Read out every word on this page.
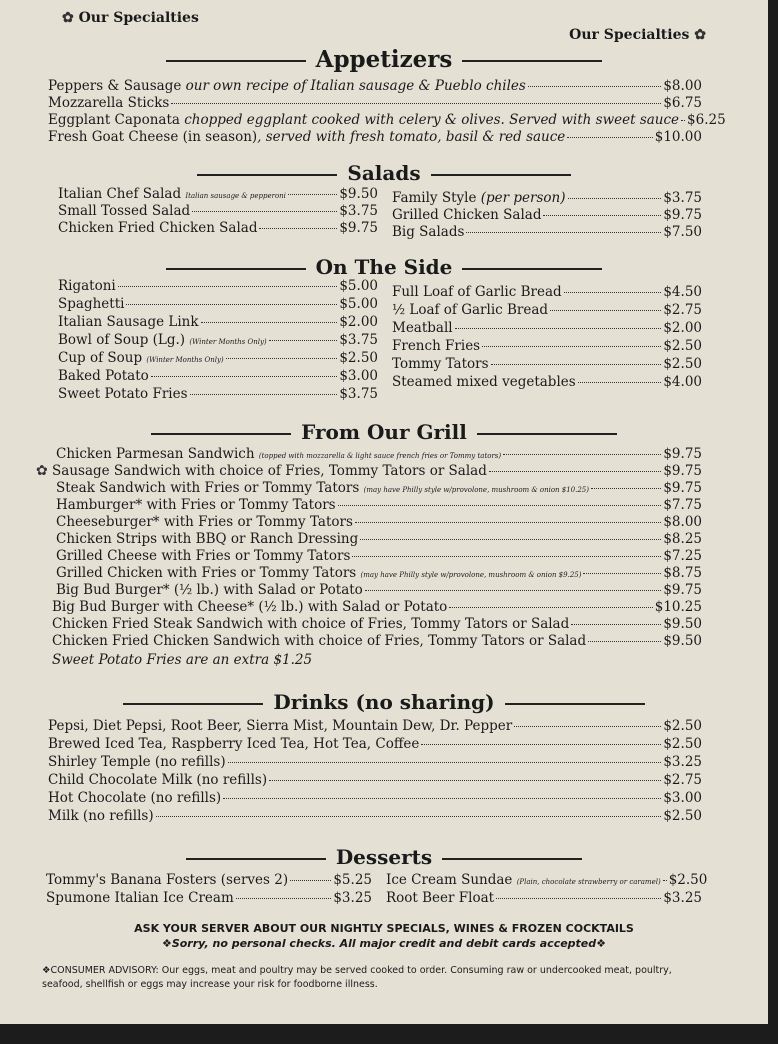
✿ Our Specialties
Our Specialties ✿
Appetizers
Peppers & Sausage our own recipe of Italian sausage & Pueblo chiles	$8.00
Mozzarella Sticks	$6.75
Eggplant Caponata chopped eggplant cooked with celery & olives. Served with sweet sauce $6.25
Fresh Goat Cheese (in season), served with fresh tomato, basil & red sauce	$10.00
Salads
Italian Chef Salad Italian sausage & pepperoni	$9.50
Small Tossed Salad	$3.75
Chicken Fried Chicken Salad	$9.75
Family Style (per person)	$3.75
Grilled Chicken Salad	$9.75
Big Salads	$7.50
On The Side
Rigatoni	$5.00
Spaghetti	$5.00
Italian Sausage Link	$2.00
Bowl of Soup (Lg.) (Winter Months Only)	$3.75
Cup of Soup (Winter Months Only)	$2.50
Baked Potato	$3.00
Sweet Potato Fries	$3.75
Full Loaf of Garlic Bread	$4.50
½ Loaf of Garlic Bread	$2.75
Meatball	$2.00
French Fries	$2.50
Tommy Tators	$2.50
Steamed mixed vegetables	$4.00
From Our Grill
Chicken Parmesan Sandwich (topped with mozzarella & light sauce french fries or Tommy tators)	$9.75
✿ Sausage Sandwich with choice of Fries, Tommy Tators or Salad	$9.75
Steak Sandwich with Fries or Tommy Tators (may have Philly style w/provolone, mushroom & onion $10.25)	$9.75
Hamburger* with Fries or Tommy Tators	$7.75
Cheeseburger* with Fries or Tommy Tators	$8.00
Chicken Strips with BBQ or Ranch Dressing	$8.25
Grilled Cheese with Fries or Tommy Tators	$7.25
Grilled Chicken with Fries or Tommy Tators (may have Philly style w/provolone, mushroom & onion $9.25)	$8.75
Big Bud Burger* (½ lb.) with Salad or Potato	$9.75
Big Bud Burger with Cheese* (½ lb.) with Salad or Potato	$10.25
Chicken Fried Steak Sandwich with choice of Fries, Tommy Tators or Salad	$9.50
Chicken Fried Chicken Sandwich with choice of Fries, Tommy Tators or Salad	$9.50
Sweet Potato Fries are an extra $1.25
Drinks (no sharing)
Pepsi, Diet Pepsi, Root Beer, Sierra Mist, Mountain Dew, Dr. Pepper	$2.50
Brewed Iced Tea, Raspberry Iced Tea, Hot Tea, Coffee	$2.50
Shirley Temple (no refills)	$3.25
Child Chocolate Milk (no refills)	$2.75
Hot Chocolate (no refills)	$3.00
Milk (no refills)	$2.50
Desserts
Tommy's Banana Fosters (serves 2)	$5.25
Spumone Italian Ice Cream	$3.25
Ice Cream Sundae (Plain, chocolate strawberry or caramel) $2.50
Root Beer Float	$3.25
ASK YOUR SERVER ABOUT OUR NIGHTLY SPECIALS, WINES & FROZEN COCKTAILS
❖Sorry, no personal checks. All major credit and debit cards accepted❖
❖CONSUMER ADVISORY: Our eggs, meat and poultry may be served cooked to order. Consuming raw or undercooked meat, poultry, seafood, shellfish or eggs may increase your risk for foodborne illness.
